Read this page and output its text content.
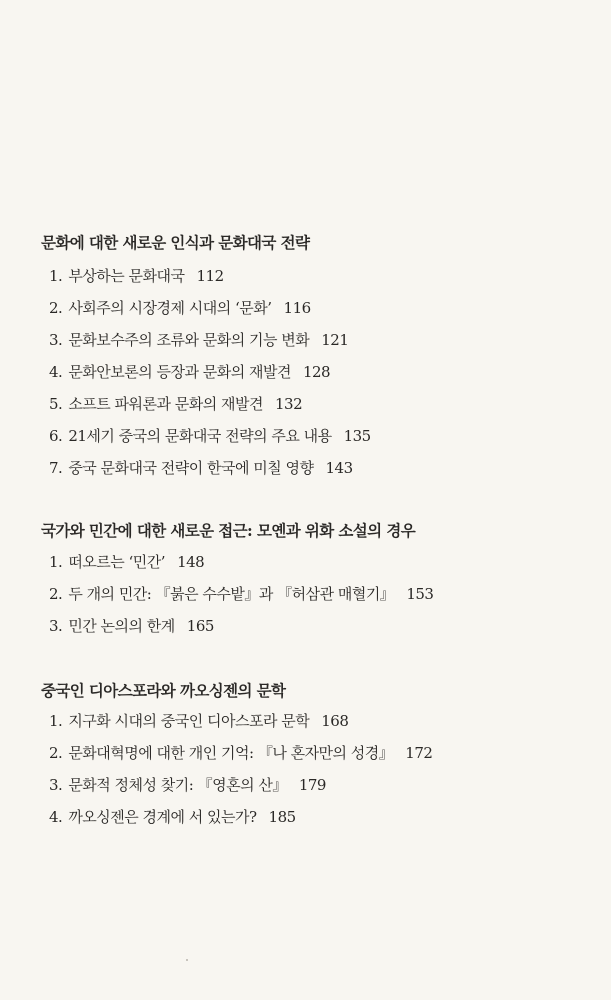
문화에 대한 새로운 인식과 문화대국 전략
1. 부상하는 문화대국 112
2. 사회주의 시장경제 시대의 ‘문화’ 116
3. 문화보수주의 조류와 문화의 기능 변화 121
4. 문화안보론의 등장과 문화의 재발견 128
5. 소프트 파워론과 문화의 재발견 132
6. 21세기 중국의 문화대국 전략의 주요 내용 135
7. 중국 문화대국 전략이 한국에 미칠 영향 143
국가와 민간에 대한 새로운 접근: 모옌과 위화 소설의 경우
1. 떠오르는 ‘민간’ 148
2. 두 개의 민간: 『붉은 수수밭』과 『허삼관 매혈기』 153
3. 민간 논의의 한계 165
중국인 디아스포라와 까오싱젠의 문학
1. 지구화 시대의 중국인 디아스포라 문학 168
2. 문화대혁명에 대한 개인 기억: 『나 혼자만의 성경』 172
3. 문화적 정체성 찾기: 『영혼의 산』 179
4. 까오싱젠은 경계에 서 있는가? 185
